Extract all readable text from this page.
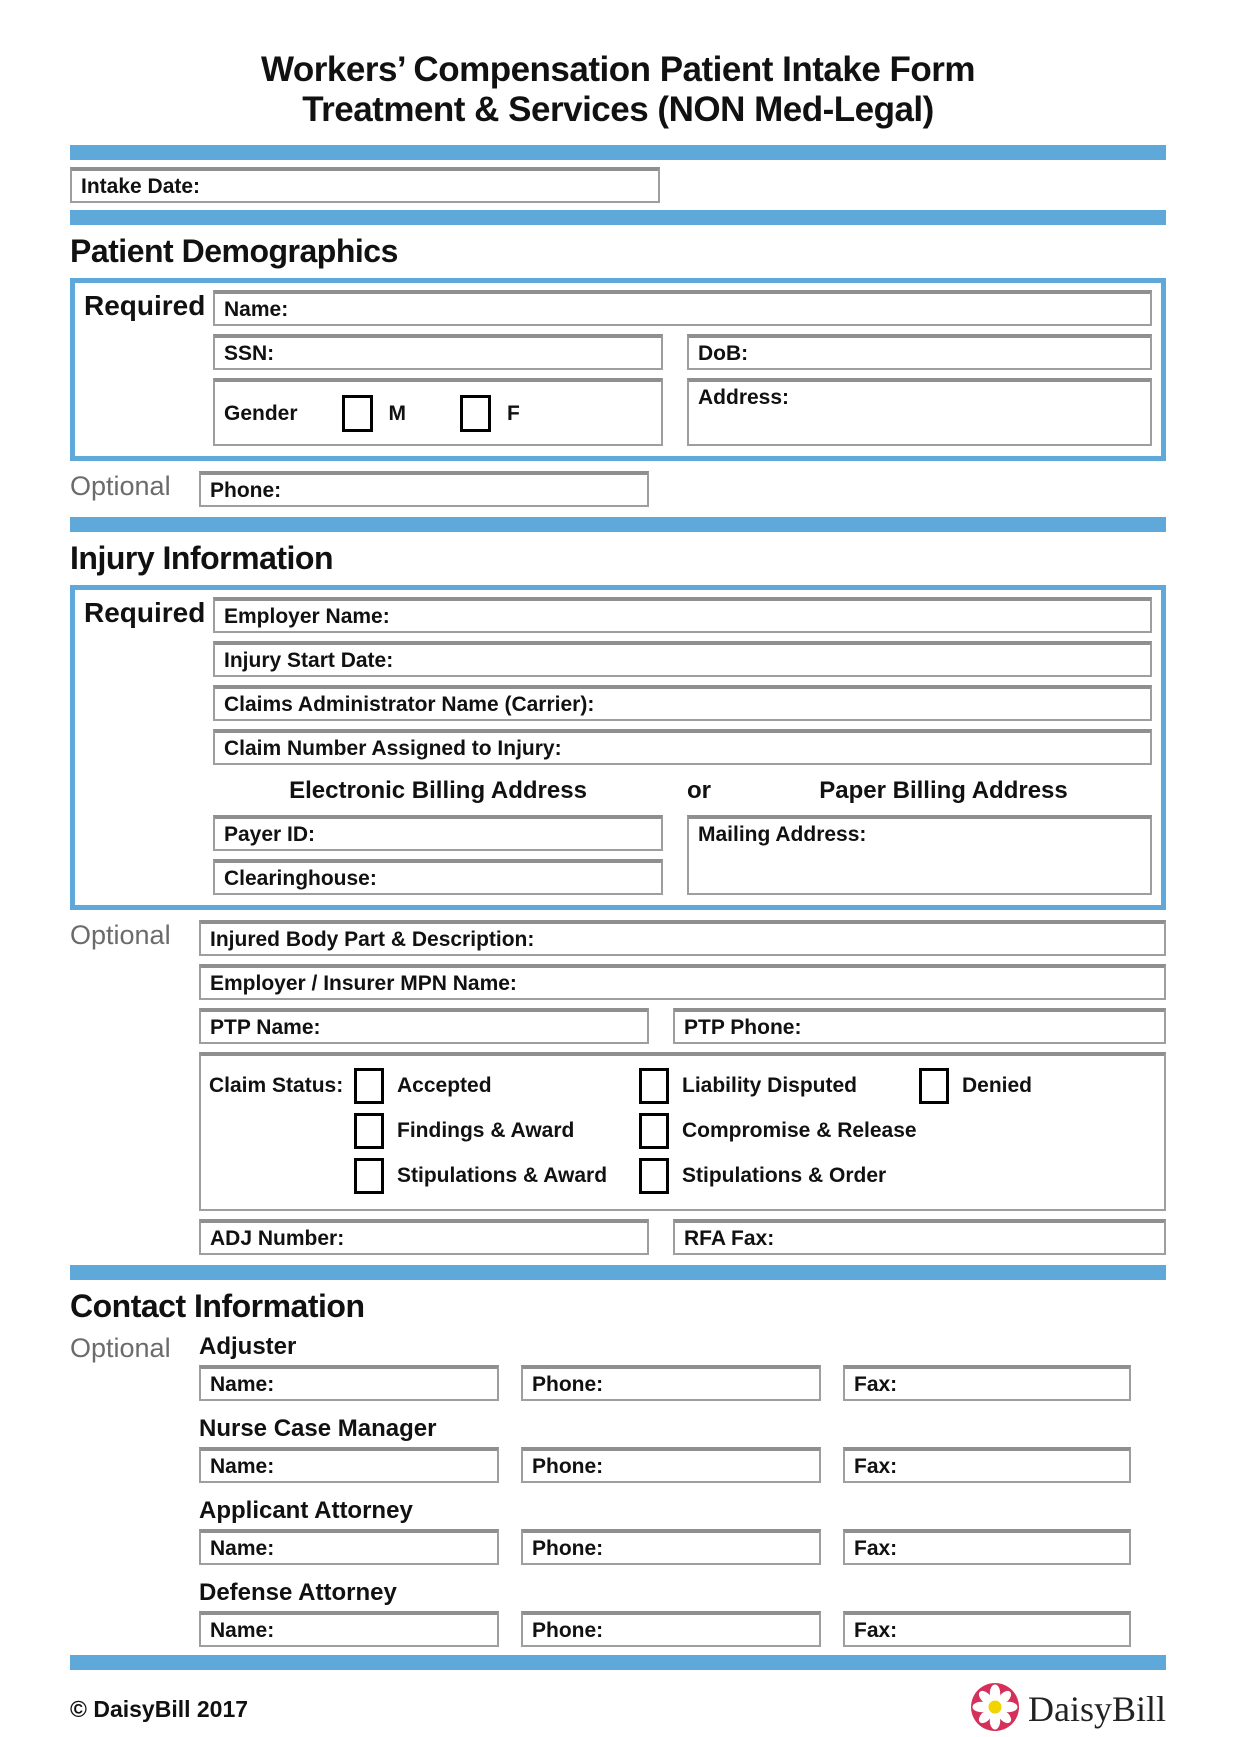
Workers’ Compensation Patient Intake Form
Treatment & Services (NON Med-Legal)
Intake Date:
Patient Demographics
Required Name:
SSN:	DoB:
Gender	M	F
Address:
Optional	Phone:
Injury Information
Required Employer Name:
Injury Start Date:
Claims Administrator Name (Carrier):
Claim Number Assigned to Injury:
Electronic Billing Address	or	Paper Billing Address
Payer ID:
Clearinghouse:
Mailing Address:
Optional	Injured Body Part & Description:
Employer / Insurer MPN Name:
PTP Name:	PTP Phone:
Claim Status:	Accepted	Liability Disputed	Denied
Findings & Award	Compromise & Release
Stipulations & Award	Stipulations & Order
ADJ Number:	RFA Fax:
Contact Information
Optional	Adjuster
Name:	Phone:	Fax:
Nurse Case Manager
Name:	Phone:	Fax:
Applicant Attorney
Name:	Phone:	Fax:
Defense Attorney
Name:	Phone:	Fax:
© DaisyBill 2017	DaisyBill
